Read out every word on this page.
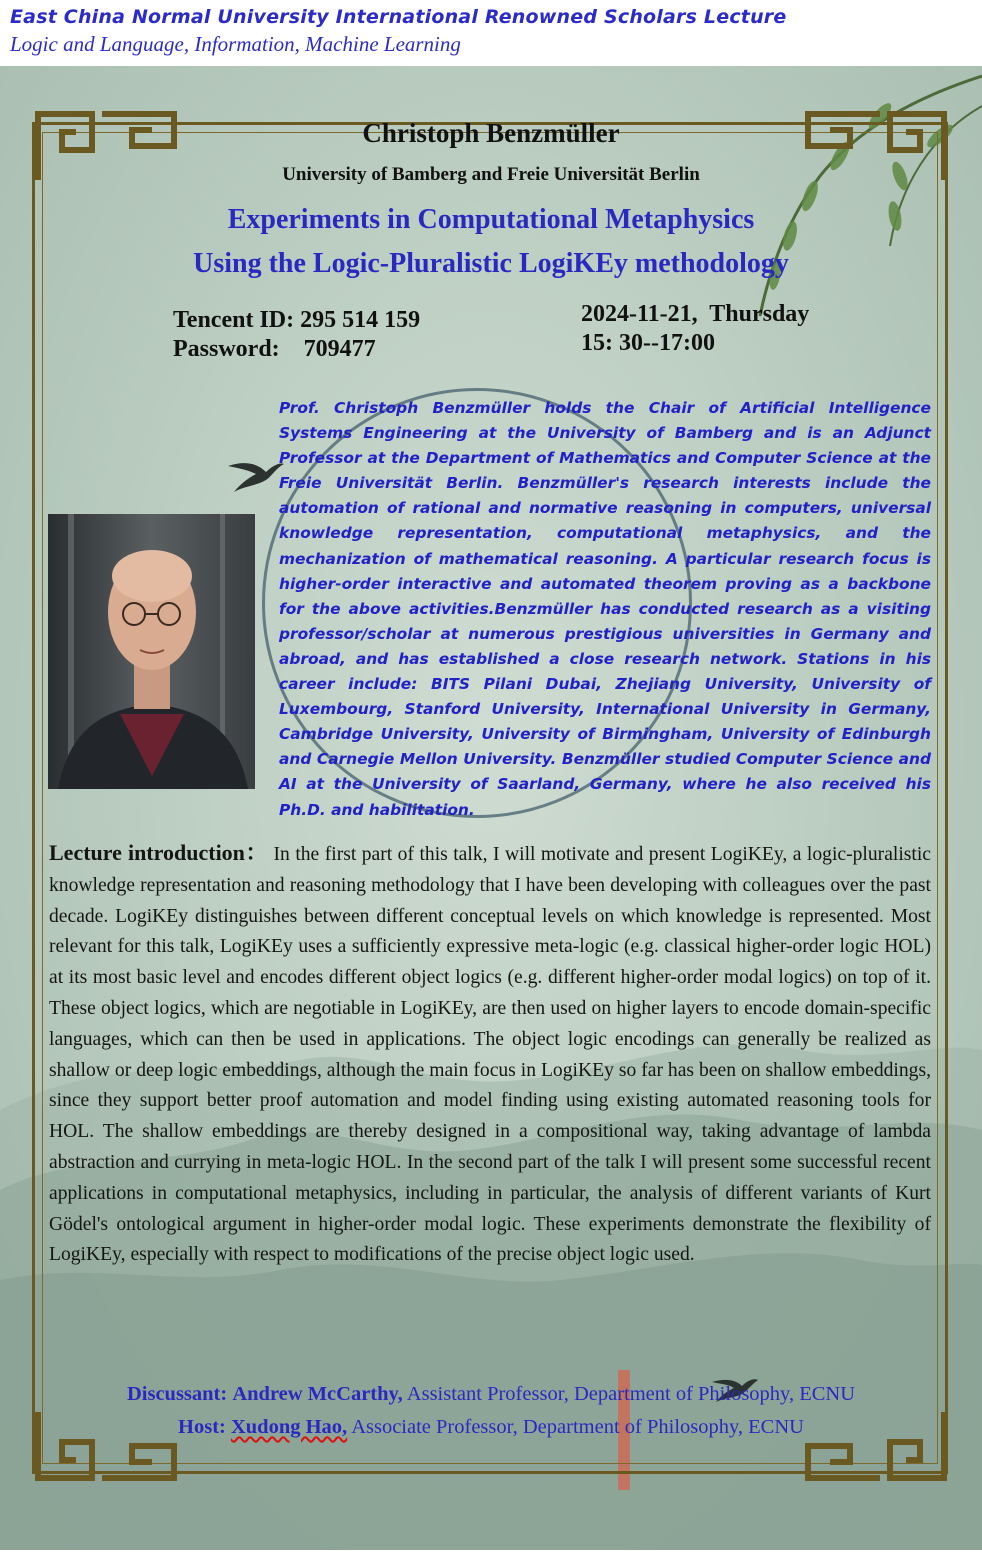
East China Normal University International Renowned Scholars Lecture
Logic and Language, Information, Machine Learning
Christoph Benzmüller
University of Bamberg and Freie Universität Berlin
Experiments in Computational Metaphysics
Using the Logic-Pluralistic LogiKEy methodology
Tencent ID: 295 514 159
Password: 709477
2024-11-21, Thursday
15: 30--17:00
Prof. Christoph Benzmüller holds the Chair of Artificial Intelligence Systems Engineering at the University of Bamberg and is an Adjunct Professor at the Department of Mathematics and Computer Science at the Freie Universität Berlin. Benzmüller's research interests include the automation of rational and normative reasoning in computers, universal knowledge representation, computational metaphysics, and the mechanization of mathematical reasoning. A particular research focus is higher-order interactive and automated theorem proving as a backbone for the above activities.Benzmüller has conducted research as a visiting professor/scholar at numerous prestigious universities in Germany and abroad, and has established a close research network. Stations in his career include: BITS Pilani Dubai, Zhejiang University, University of Luxembourg, Stanford University, International University in Germany, Cambridge University, University of Birmingham, University of Edinburgh and Carnegie Mellon University. Benzmüller studied Computer Science and AI at the University of Saarland, Germany, where he also received his Ph.D. and habilitation.
Lecture introduction： In the first part of this talk, I will motivate and present LogiKEy, a logic-pluralistic knowledge representation and reasoning methodology that I have been developing with colleagues over the past decade. LogiKEy distinguishes between different conceptual levels on which knowledge is represented. Most relevant for this talk, LogiKEy uses a sufficiently expressive meta-logic (e.g. classical higher-order logic HOL) at its most basic level and encodes different object logics (e.g. different higher-order modal logics) on top of it. These object logics, which are negotiable in LogiKEy, are then used on higher layers to encode domain-specific languages, which can then be used in applications. The object logic encodings can generally be realized as shallow or deep logic embeddings, although the main focus in LogiKEy so far has been on shallow embeddings, since they support better proof automation and model finding using existing automated reasoning tools for HOL. The shallow embeddings are thereby designed in a compositional way, taking advantage of lambda abstraction and currying in meta-logic HOL. In the second part of the talk I will present some successful recent applications in computational metaphysics, including in particular, the analysis of different variants of Kurt Gödel's ontological argument in higher-order modal logic. These experiments demonstrate the flexibility of LogiKEy, especially with respect to modifications of the precise object logic used.
Discussant: Andrew McCarthy, Assistant Professor, Department of Philosophy, ECNU
Host: Xudong Hao, Associate Professor, Department of Philosophy, ECNU
